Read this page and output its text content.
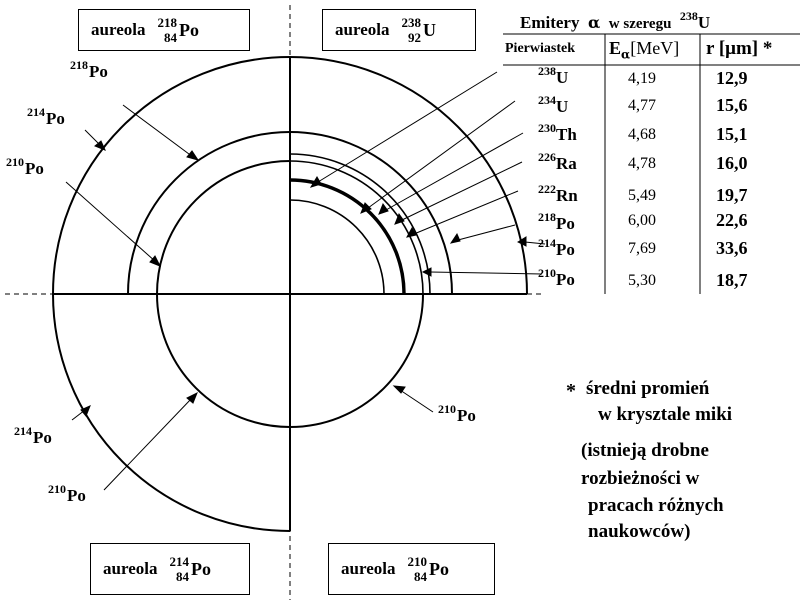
aureola 218
84 Po	aureola 238
92 U
aureola 214
84 Po	aureola 210
84 Po
$^{218}$Po
$^{214}$Po
$^{210}$Po
$^{214}$Po
$^{210}$Po
$^{210}$Po
Emitery α w szeregu $^{238}$U
Pierwiastek $E_\alpha[MeV]$ r [μm] *
$^{238}$U	4,19	12,9
$^{234}$U	4,77	15,6
$^{230}$Th	4,68	15,1
$^{226}$Ra	4,78	16,0
$^{222}$Rn	5,49	19,7
$^{218}$Po	6,00	22,6
$^{214}$Po	7,69	33,6
$^{210}$Po	5,30	18,7
* średni promień
w krysztale miki
(istnieją drobne
rozbieżności w
pracach różnych
naukowców)
